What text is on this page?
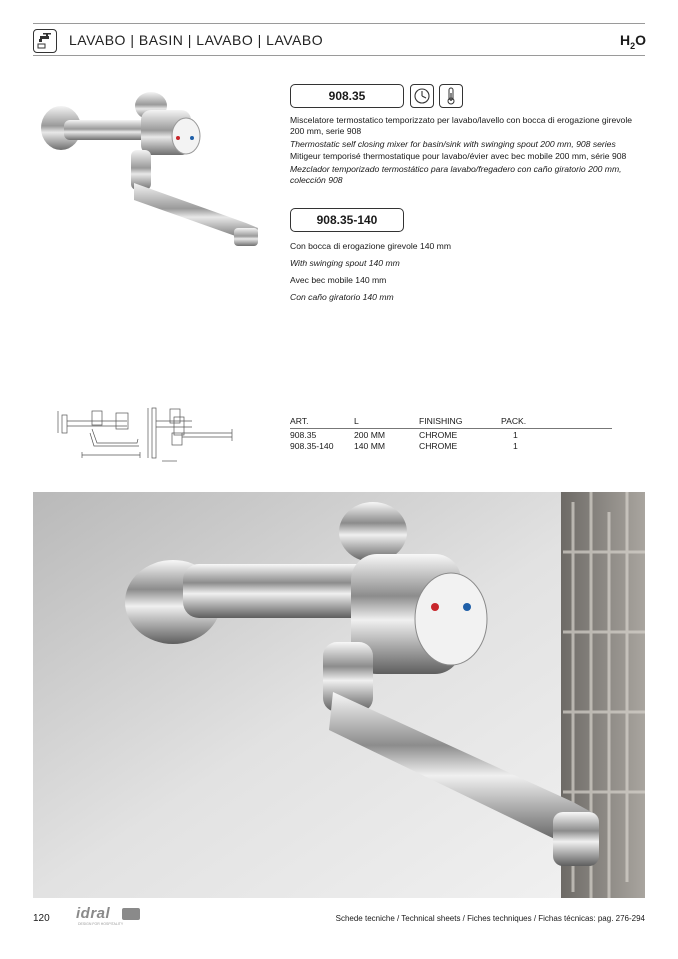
LAVABO | BASIN | LAVABO | LAVABO	$H_2O$
908.35

Miscelatore termostatico temporizzato per lavabo/lavello con bocca di erogazione girevole 200 mm, serie 908

Thermostatic self closing mixer for basin/sink with swinging spout 200 mm, 908 series

Mitigeur temporisé thermostatique pour lavabo/évier avec bec mobile 200 mm, série 908

Mezclador temporizado termostático para lavabo/fregadero con caño giratorio 200 mm, colección 908

908.35-140

Con bocca di erogazione girevole 140 mm

With swinging spout 140 mm

Avec bec mobile 140 mm

Con caño giratorio 140 mm

ART.	L	FINISHING	PACK.
908.35	200 MM	CHROME	1
908.35-140	140 MM	CHROME	1
120 idral
DESIGN FOR HOSPITALITY
Schede tecniche / Technical sheets / Fiches techniques / Fichas técnicas: pag. 276-294
